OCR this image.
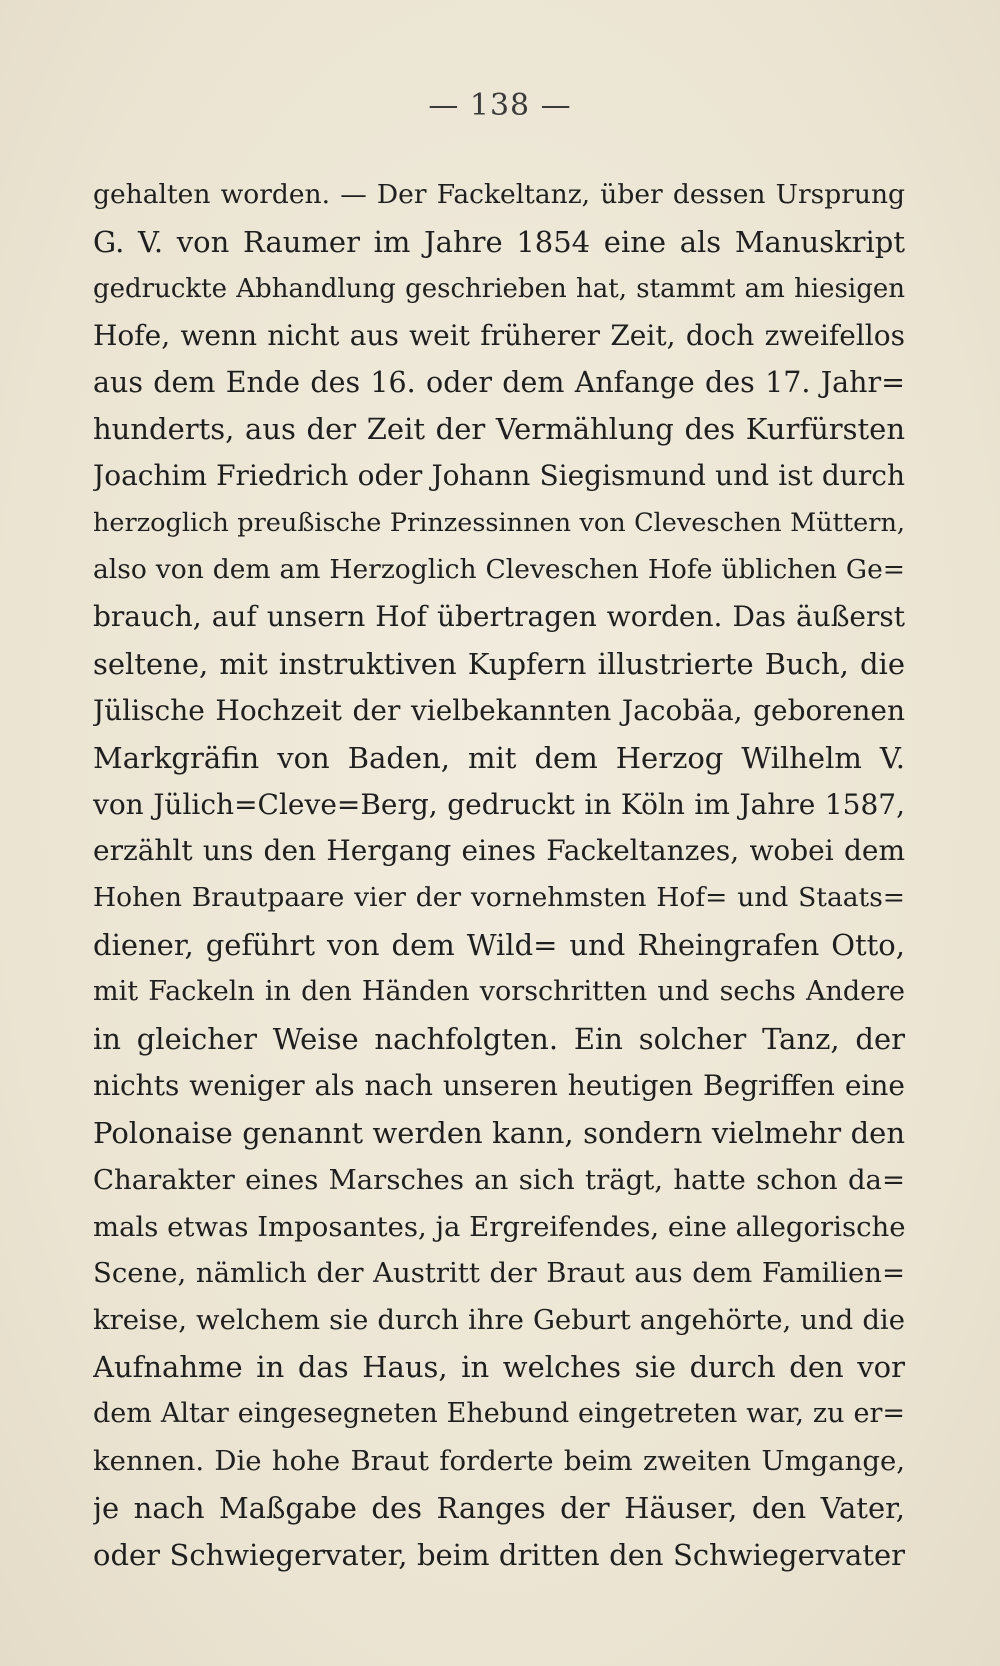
— 138 —
gehalten worden. — Der Fackeltanz, über dessen Ursprung
G. V. von Raumer im Jahre 1854 eine als Manuskript
gedruckte Abhandlung geschrieben hat, stammt am hiesigen
Hofe, wenn nicht aus weit früherer Zeit, doch zweifellos
aus dem Ende des 16. oder dem Anfange des 17. Jahr=
hunderts, aus der Zeit der Vermählung des Kurfürsten
Joachim Friedrich oder Johann Siegismund und ist durch
herzoglich preußische Prinzessinnen von Cleveschen Müttern,
also von dem am Herzoglich Cleveschen Hofe üblichen Ge=
brauch, auf unsern Hof übertragen worden. Das äußerst
seltene, mit instruktiven Kupfern illustrierte Buch, die
Jülische Hochzeit der vielbekannten Jacobäa, geborenen
Markgräfin von Baden, mit dem Herzog Wilhelm V.
von Jülich=Cleve=Berg, gedruckt in Köln im Jahre 1587,
erzählt uns den Hergang eines Fackeltanzes, wobei dem
Hohen Brautpaare vier der vornehmsten Hof= und Staats=
diener, geführt von dem Wild= und Rheingrafen Otto,
mit Fackeln in den Händen vorschritten und sechs Andere
in gleicher Weise nachfolgten. Ein solcher Tanz, der
nichts weniger als nach unseren heutigen Begriffen eine
Polonaise genannt werden kann, sondern vielmehr den
Charakter eines Marsches an sich trägt, hatte schon da=
mals etwas Imposantes, ja Ergreifendes, eine allegorische
Scene, nämlich der Austritt der Braut aus dem Familien=
kreise, welchem sie durch ihre Geburt angehörte, und die
Aufnahme in das Haus, in welches sie durch den vor
dem Altar eingesegneten Ehebund eingetreten war, zu er=
kennen. Die hohe Braut forderte beim zweiten Umgange,
je nach Maßgabe des Ranges der Häuser, den Vater,
oder Schwiegervater, beim dritten den Schwiegervater
